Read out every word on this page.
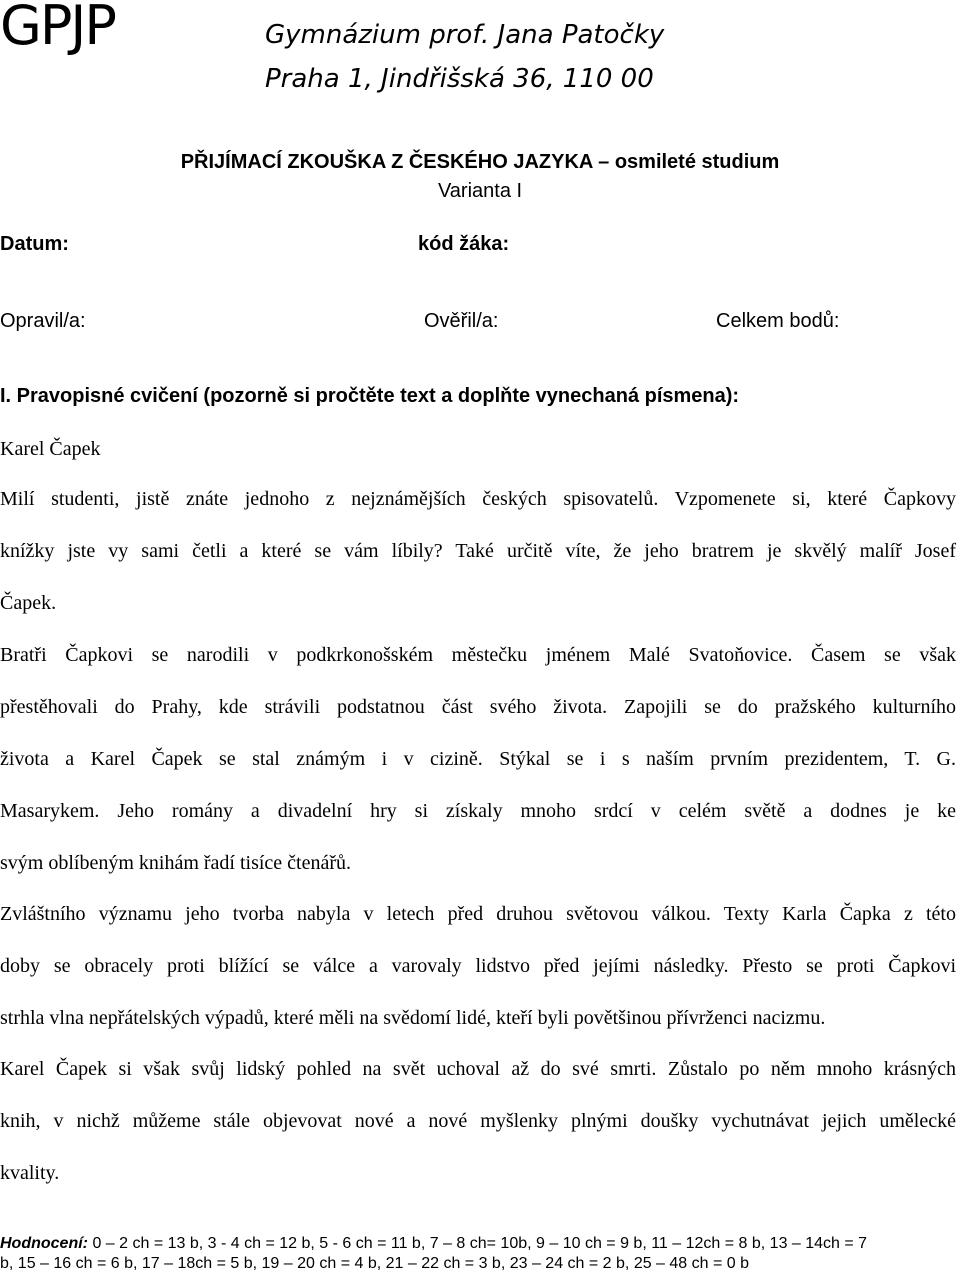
GPJP	Gymnázium prof. Jana Patočky
Praha 1, Jindřišská 36, 110 00
PŘIJÍMACÍ ZKOUŠKA Z ČESKÉHO JAZYKA – osmileté studium
Varianta I
Datum:	kód žáka:
Opravil/a:	Ověřil/a:	Celkem bodů:
I. Pravopisné cvičení (pozorně si pročtěte text a doplňte vynechaná písmena):
Karel Čapek
Milí studenti, jistě znáte jednoho z nejznámějších českých spisovatelů. Vzpomenete si, které Čapkovy
knížky jste vy sami četli a které se vám líbily? Také určitě víte, že jeho bratrem je skvělý malíř Josef
Čapek.
Bratři Čapkovi se narodili v podkrkonošském městečku jménem Malé Svatoňovice. Časem se však
přestěhovali do Prahy, kde strávili podstatnou část svého života. Zapojili se do pražského kulturního
života a Karel Čapek se stal známým i v cizině. Stýkal se i s naším prvním prezidentem, T. G.
Masarykem. Jeho romány a divadelní hry si získaly mnoho srdcí v celém světě a dodnes je ke
svým oblíbeným knihám řadí tisíce čtenářů.
Zvláštního významu jeho tvorba nabyla v letech před druhou světovou válkou. Texty Karla Čapka z této
doby se obracely proti blížící se válce a varovaly lidstvo před jejími následky. Přesto se proti Čapkovi
strhla vlna nepřátelských výpadů, které měli na svědomí lidé, kteří byli povětšinou přívrženci nacizmu.
Karel Čapek si však svůj lidský pohled na svět uchoval až do své smrti. Zůstalo po něm mnoho krásných
knih, v nichž můžeme stále objevovat nové a nové myšlenky plnými doušky vychutnávat jejich umělecké
kvality.
Hodnocení: 0 – 2 ch = 13 b, 3 - 4 ch = 12 b, 5 - 6 ch = 11 b, 7 – 8 ch= 10b, 9 – 10 ch = 9 b, 11 – 12ch = 8 b, 13 – 14ch = 7
b, 15 – 16 ch = 6 b, 17 – 18ch = 5 b, 19 – 20 ch = 4 b, 21 – 22 ch = 3 b, 23 – 24 ch = 2 b, 25 – 48 ch = 0 b
